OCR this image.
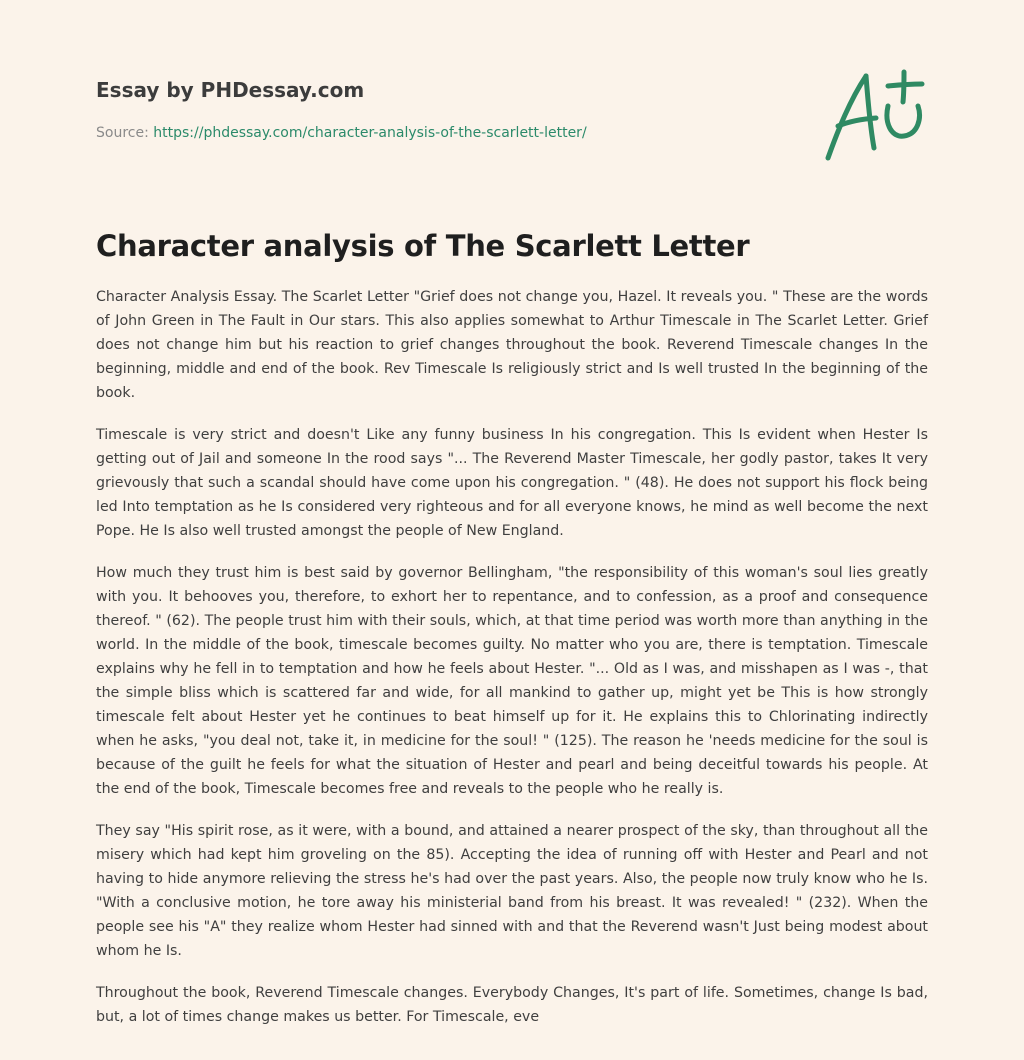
Essay by PHDessay.com
Source: https://phdessay.com/character-analysis-of-the-scarlett-letter/
Character analysis of The Scarlett Letter

Character Analysis Essay. The Scarlet Letter "Grief does not change you, Hazel. It reveals you. " These are the words of John Green in The Fault in Our stars. This also applies somewhat to Arthur Timescale in The Scarlet Letter. Grief does not change him but his reaction to grief changes throughout the book. Reverend Timescale changes In the beginning, middle and end of the book. Rev Timescale Is religiously strict and Is well trusted In the beginning of the book.

Timescale is very strict and doesn't Like any funny business In his congregation. This Is evident when Hester Is getting out of Jail and someone In the rood says "... The Reverend Master Timescale, her godly pastor, takes It very grievously that such a scandal should have come upon his congregation. " (48). He does not support his flock being led Into temptation as he Is considered very righteous and for all everyone knows, he mind as well become the next Pope. He Is also well trusted amongst the people of New England.

How much they trust him is best said by governor Bellingham, "the responsibility of this woman's soul lies greatly with you. It behooves you, therefore, to exhort her to repentance, and to confession, as a proof and consequence thereof. " (62). The people trust him with their souls, which, at that time period was worth more than anything in the world. In the middle of the book, timescale becomes guilty. No matter who you are, there is temptation. Timescale explains why he fell in to temptation and how he feels about Hester. "... Old as I was, and misshapen as I was -, that the simple bliss which is scattered far and wide, for all mankind to gather up, might yet be This is how strongly timescale felt about Hester yet he continues to beat himself up for it. He explains this to Chlorinating indirectly when he asks, "you deal not, take it, in medicine for the soul! " (125). The reason he 'needs medicine for the soul is because of the guilt he feels for what the situation of Hester and pearl and being deceitful towards his people. At the end of the book, Timescale becomes free and reveals to the people who he really is.

They say "His spirit rose, as it were, with a bound, and attained a nearer prospect of the sky, than throughout all the misery which had kept him groveling on the 85). Accepting the idea of running off with Hester and Pearl and not having to hide anymore relieving the stress he's had over the past years. Also, the people now truly know who he Is. "With a conclusive motion, he tore away his ministerial band from his breast. It was revealed! " (232). When the people see his "A" they realize whom Hester had sinned with and that the Reverend wasn't Just being modest about whom he Is.

Throughout the book, Reverend Timescale changes. Everybody Changes, It's part of life. Sometimes, change Is bad, but, a lot of times change makes us better. For Timescale, eve
